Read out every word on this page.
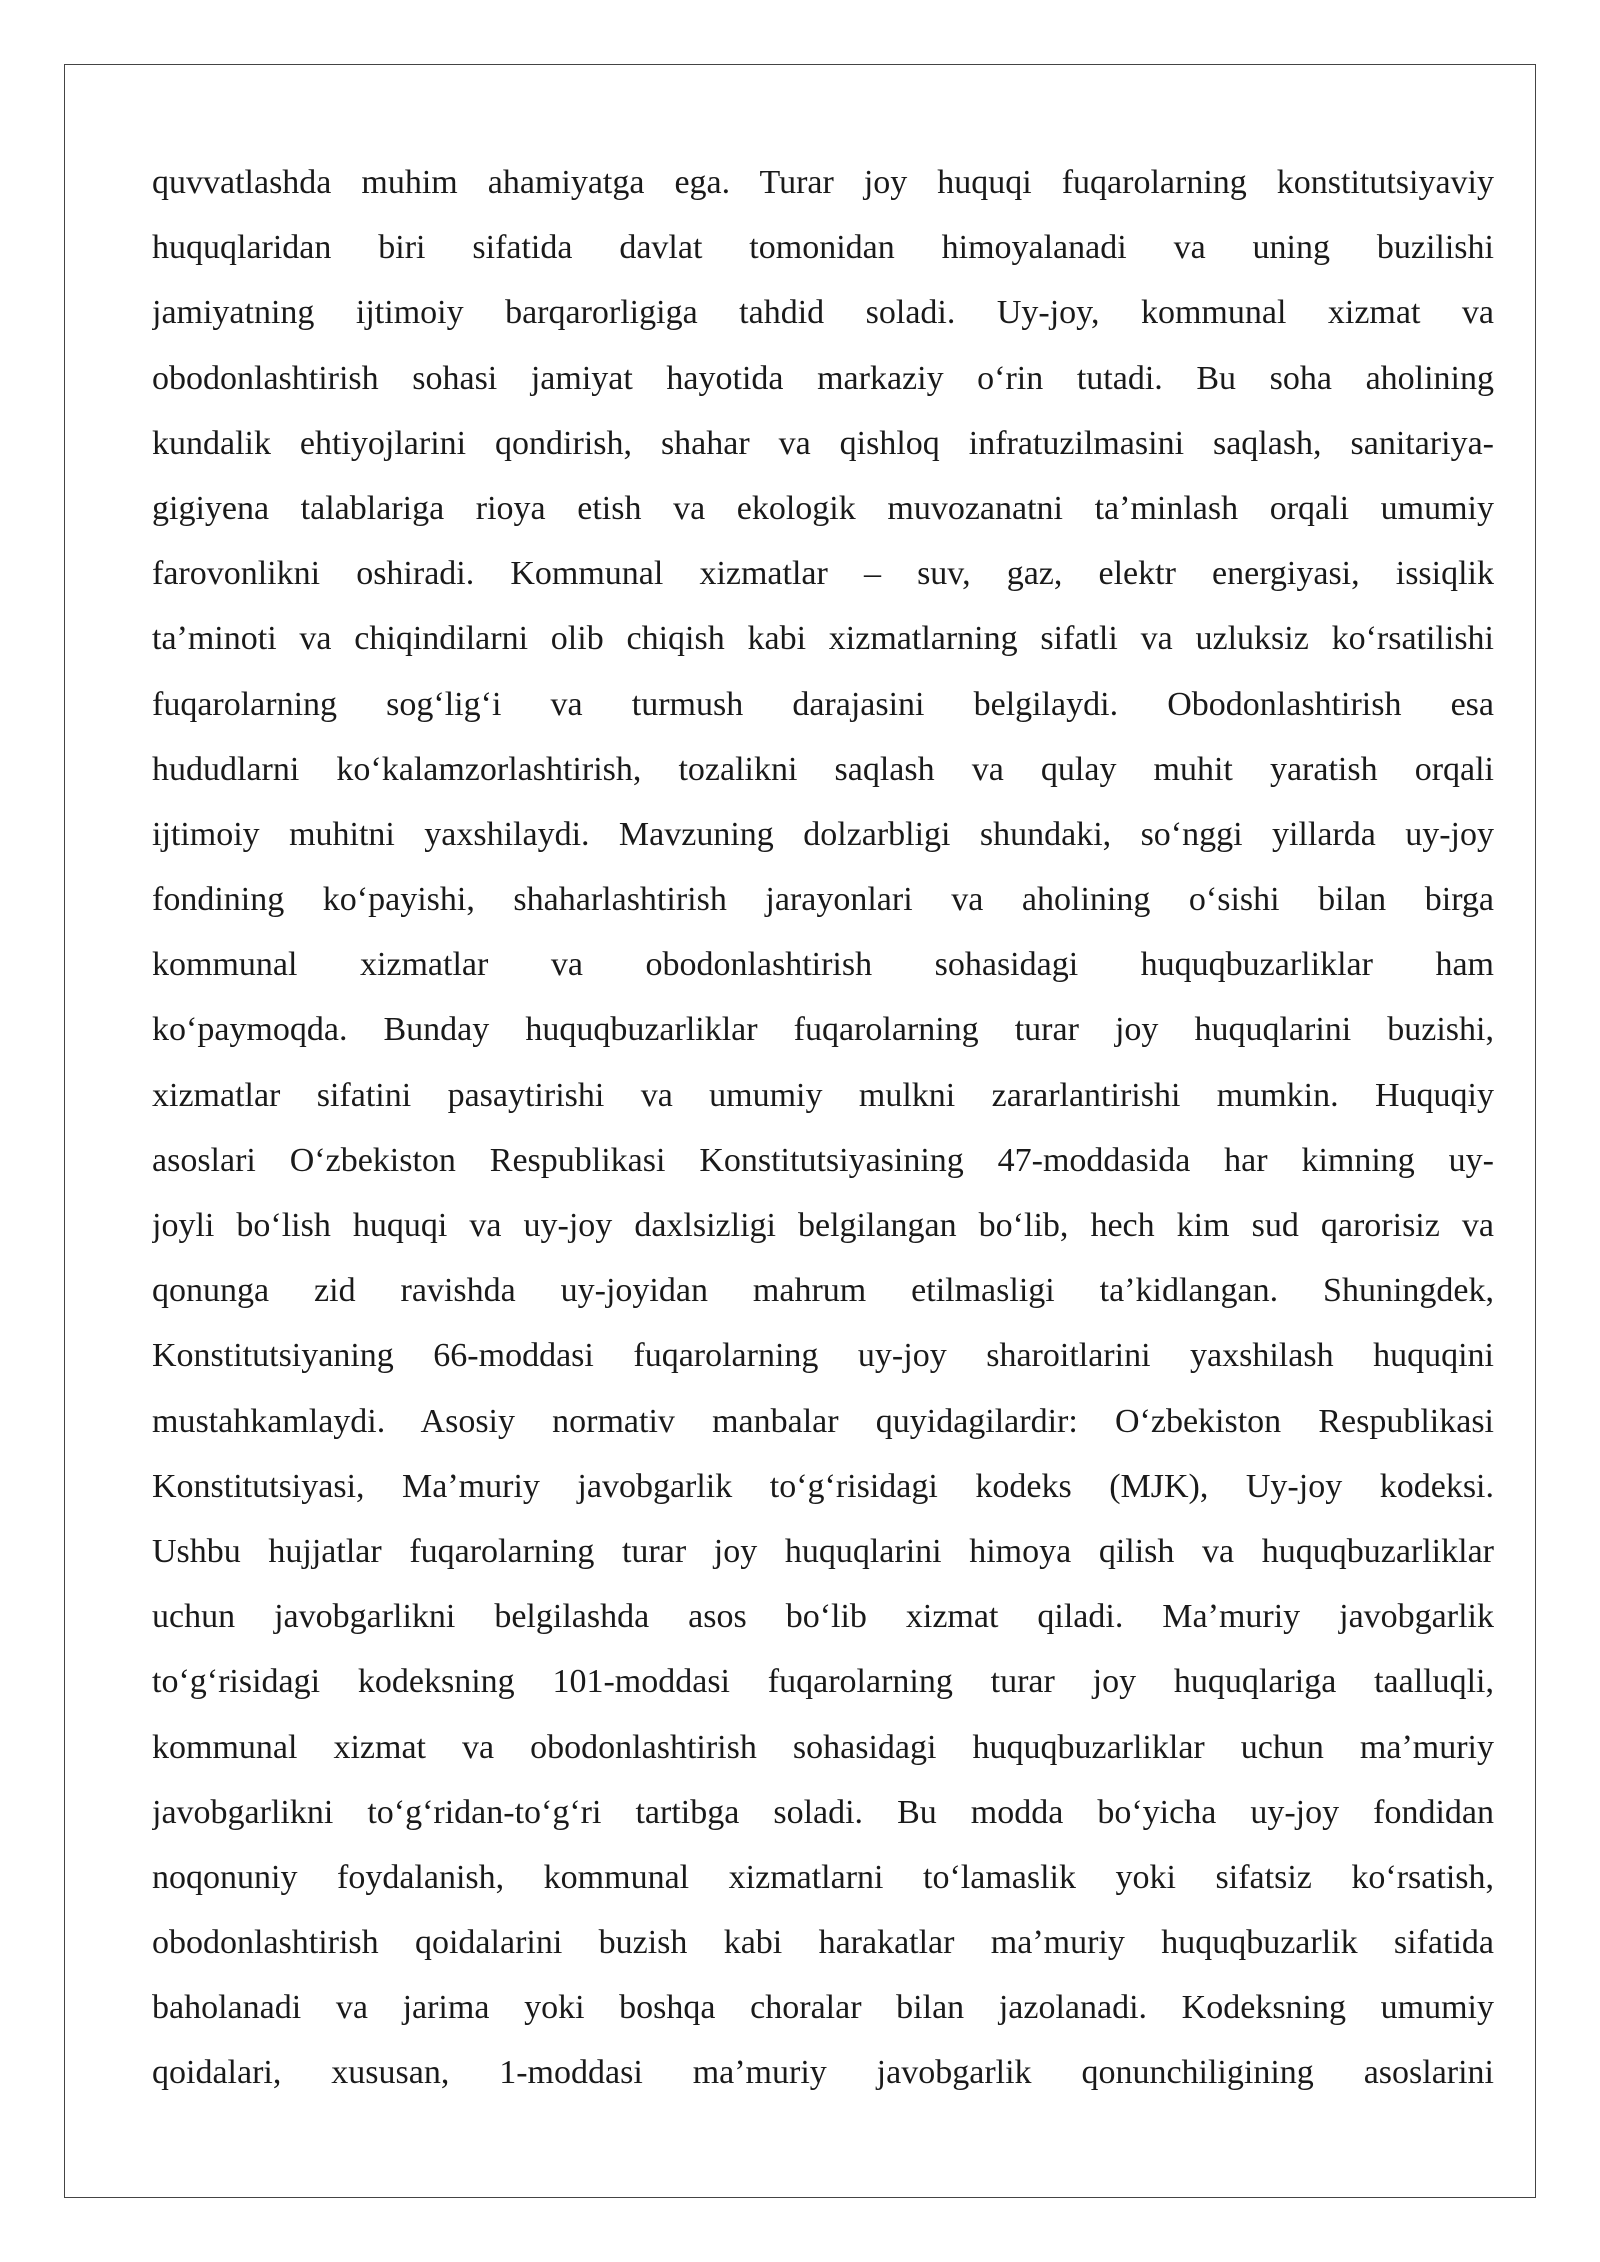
quvvatlashda muhim ahamiyatga ega. Turar joy huquqi fuqarolarning konstitutsiyaviy
huquqlaridan biri sifatida davlat tomonidan himoyalanadi va uning buzilishi
jamiyatning ijtimoiy barqarorligiga tahdid soladi. Uy-joy, kommunal xizmat va
obodonlashtirish sohasi jamiyat hayotida markaziy oʻrin tutadi. Bu soha aholining
kundalik ehtiyojlarini qondirish, shahar va qishloq infratuzilmasini saqlash, sanitariya-
gigiyena talablariga rioya etish va ekologik muvozanatni taʼminlash orqali umumiy
farovonlikni oshiradi. Kommunal xizmatlar – suv, gaz, elektr energiyasi, issiqlik
taʼminoti va chiqindilarni olib chiqish kabi xizmatlarning sifatli va uzluksiz koʻrsatilishi
fuqarolarning sogʻligʻi va turmush darajasini belgilaydi. Obodonlashtirish esa
hududlarni koʻkalamzorlashtirish, tozalikni saqlash va qulay muhit yaratish orqali
ijtimoiy muhitni yaxshilaydi. Mavzuning dolzarbligi shundaki, soʻnggi yillarda uy-joy
fondining koʻpayishi, shaharlashtirish jarayonlari va aholining oʻsishi bilan birga
kommunal xizmatlar va obodonlashtirish sohasidagi huquqbuzarliklar ham
koʻpaymoqda. Bunday huquqbuzarliklar fuqarolarning turar joy huquqlarini buzishi,
xizmatlar sifatini pasaytirishi va umumiy mulkni zararlantirishi mumkin. Huquqiy
asoslari Oʻzbekiston Respublikasi Konstitutsiyasining 47-moddasida har kimning uy-
joyli boʻlish huquqi va uy-joy daxlsizligi belgilangan boʻlib, hech kim sud qarorisiz va
qonunga zid ravishda uy-joyidan mahrum etilmasligi taʼkidlangan. Shuningdek,
Konstitutsiyaning 66-moddasi fuqarolarning uy-joy sharoitlarini yaxshilash huquqini
mustahkamlaydi. Asosiy normativ manbalar quyidagilardir: Oʻzbekiston Respublikasi
Konstitutsiyasi, Maʼmuriy javobgarlik toʻgʻrisidagi kodeks (MJK), Uy-joy kodeksi.
Ushbu hujjatlar fuqarolarning turar joy huquqlarini himoya qilish va huquqbuzarliklar
uchun javobgarlikni belgilashda asos boʻlib xizmat qiladi. Maʼmuriy javobgarlik
toʻgʻrisidagi kodeksning 101-moddasi fuqarolarning turar joy huquqlariga taalluqli,
kommunal xizmat va obodonlashtirish sohasidagi huquqbuzarliklar uchun maʼmuriy
javobgarlikni toʻgʻridan-toʻgʻri tartibga soladi. Bu modda boʻyicha uy-joy fondidan
noqonuniy foydalanish, kommunal xizmatlarni toʻlamaslik yoki sifatsiz koʻrsatish,
obodonlashtirish qoidalarini buzish kabi harakatlar maʼmuriy huquqbuzarlik sifatida
baholanadi va jarima yoki boshqa choralar bilan jazolanadi. Kodeksning umumiy
qoidalari, xususan, 1-moddasi maʼmuriy javobgarlik qonunchiligining asoslarini
